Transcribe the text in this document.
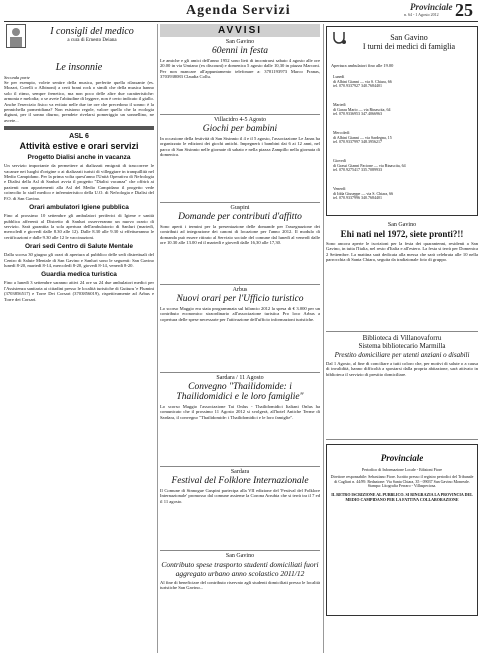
Agenda Servizi	Provinciale
n. 64 - 1 Agosto 2012 25
I consigli del medico
a cura di Ernesto Deiana
Le insonnie
Seconda parte

Se per esempio, volete sentire della musica, preferite quella rilassante (es. Mozart, Corelli o Albinoni) a certi brani rock o simili che della musica hanno solo il ritmo, sempre frenetico, ma non poco delle altre due caratteristiche: armonia e melodia; o se avete l'abitudine di leggere, non è certo indicato il giallo. Anche l'esercizio fisico va evitato nelle due tre ore che precedono il sonno: è la pennichella pomeridiana? Non esistono regole, valore quello che la ecologia digiuni, per il sonno diurno, prendete rivelarsi pomeriggio un sonnellino, ne avrete...

ASL 6
Attività estive e orari servizi
Progetto Dialisi anche in vacanza

Un servizio importante da permettere ai dializzati emigrati di trascorrere le vacanze nei luoghi d'origine o ai dializzati turisti di villeggiare in tranquillità nel Medio Campidano. Per la prima volta quest'anno l'Unità Operativa di Nefrologia e Dialisi della Asl di Sanluri avvia il progetto "Dialisi vacanza" che offrirà ai pazienti non appartenenti alla Asl del Medio Campidano il progetto vede coinvolto lo staff medico e infermieristico della U.O. di Nefrologia e Dialisi del P.O. di San Gavino.

Orari ambulatori Igiene pubblica

Fino al prossimo 10 settembre gli ambulatori periferici di Igiene e sanità pubblica afferenti al Distretto di Sanluri osserveranno un nuovo orario di servizio. Sarà garantita la sola apertura dell'ambulatorio di Sanluri (martedì, mercoledì e giovedì dalle 8.30 alle 12). Dalle 8.30 alle 9.30 si effettueranno le certificazioni e dalle 9.30 alle 12 le vaccinazioni.

Orari sedi Centro di Salute Mentale

Dalla scorsa 30 giugno gli orari di apertura al pubblico delle sedi distrettuali del Centro di Salute Mentale di San Gavino e Sanluri sono le seguenti: San Gavino lunedì 8-20, martedì 8-14, mercoledì 8-20, giovedì 8-14, venerdì 8-20.

Guardia medica turistica

Fino a lunedì 3 settembre saranno attivi 24 ore su 24 due ambulatori medici per l'Assistenza sanitaria ai cittadini presso le località turistiche di Gutturu 'e Flumini (3703856517) e Torre Dei Corsari (3703856019), rispettivamente ad Arbus e Torre dei Corsari.

AVVISI
San Gavino
60enni in festa

Le amiche e gli amici dell'anno 1952 sono lieti di incontrarsi sabato 4 agosto alle ore 20.00 in via Umiano (ex discount) e domenica 5 agosto dalle 10,30 in piazza Marconi. Per non mancare all'appuntamento telefonare a: 3701193973 Marco Franas, 3703938083 Claudia Collu.

Villacidro 4-5 Agosto
Giochi per bambini

In occasione della festività di San Sisinnio il 4 e il 5 agosto, l'associazione Le Janas ha organizzato le edizioni dei giochi antichi. Impegnerà i bambini dai 6 ai 12 anni, nel parco di San Sisinnio nelle giornate di sabato e nella piazza Zampillo nella giornata di domenica.

Guspini
Domande per contributi d'affitto

Sono aperti i termini per la presentazione delle domande per l'assegnazione dei contributi ad integrazione dei canoni di locazione per l'anno 2012. Il modulo di domanda può essere ritirato al Servizio sociale del comune dal lunedì al venerdì dalle ore 10.30 alle 13.00 ed il martedì e giovedì dalle 16,30 alle 17,30.

Arbus
Nuovi orari per l'Ufficio turistico

Lo scorso Maggio era stata programmata sul bilancio 2012 la spesa di € 3.000 per un contributo economico straordinario all'associazione turistica Pro loco Arbus a copertura delle spese necessarie per l'attivazione dell'ufficio informazioni turistiche.

Sardara / 11 Agosto
Convegno "Thailidomide: i Thailidomidici e le loro famiglie"

Lo scorso Maggio l'associazione Tai Onlus - Thailidomidici Italiani Onlus ha comunicato che il prossimo 11 Agosto 2012 si svolgerà, all'hotel Antiche Terme di Sardara, il convegno "Thailidomide: i Thailidomidici e le loro famiglie".

Sardara
Festival del Folklore Internazionale

Il Comune di Sinnogue Guspini partecipa alla VII edizione del 'Festival del Folklore Internazionale' promosso dal comune assieme la Corona Arrubia che si terrà tra il 7 ed il 11 agosto.

San Gavino
Contributo spese trasporto studenti domiciliati fuori aggregato urbano anno scolastico 2011/12

Al fine di beneficiare del contributo riservato agli studenti domiciliati presso le località turistiche San Gavino...

San Gavino
I turni dei medici di famiglia
Apertura ambulatori fino alle 19.00
Lunedì
di Albini Gianni — via S. Chiara, 66
tel. 070.9337927 340.7684401
Martedì
di Garau Mario — via Rinascita, 64
tel. 070.9336953 347.4066963
Mercoledì
di Albini Gianni — via Sardegna, 15
tel. 070.9337997 348.3956217
Giovedì
di Grassi Gianni Pacione — via Rinascita, 64
tel. 070.9275417 335.7089933
Venerdì
di Idda Giuseppe — via S. Chiara, 66
tel. 070.9337996 340.7684401
San Gavino
Ehi nati nel 1972, siete pronti?!!

Sono ancora aperte le iscrizioni per la festa dei quarantenni, residenti a San Gavino, in tutta l'Italia, nel resto d'Italia e all'estero. La festa si terrà per Domenica 2 Settembre. La mattina sarà dedicata alla messa che sarà celebrata alle 10 nella parrocchia di Santa Chiara, seguita da tradizionale foto di gruppo.

Biblioteca di Villanovaforru
Sistema bibliotecario Marmilla
Prestito domiciliare per utenti anziani o disabili

Dal 1 Agosto, al fine di conciliare a tutti coloro che, per motivi di salute o a causa di invalidità, hanno difficoltà a spostarsi dalla propria abitazione, sarà attivato in biblioteca il servizio di prestito domiciliare.

Provinciale
Periodico di Informazione Locale - Edizioni Fiore

Direttore responsabile: Sebastiano Fiore. Iscritto presso il registro periodici del Tribunale di Cagliari n. 44/89. Redazione: Via Santa Chiara, 35 - 09037 San Gavino Monreale. Stampa: Litografia Ferraro - Villaspeciosa.

IL RETRO ISCRIZIONE AL PUBBLICO. SI RINGRAZIA LA PROVINCIA DEL MEDIO CAMPIDANO PER LA FATTIVA COLLABORAZIONE
